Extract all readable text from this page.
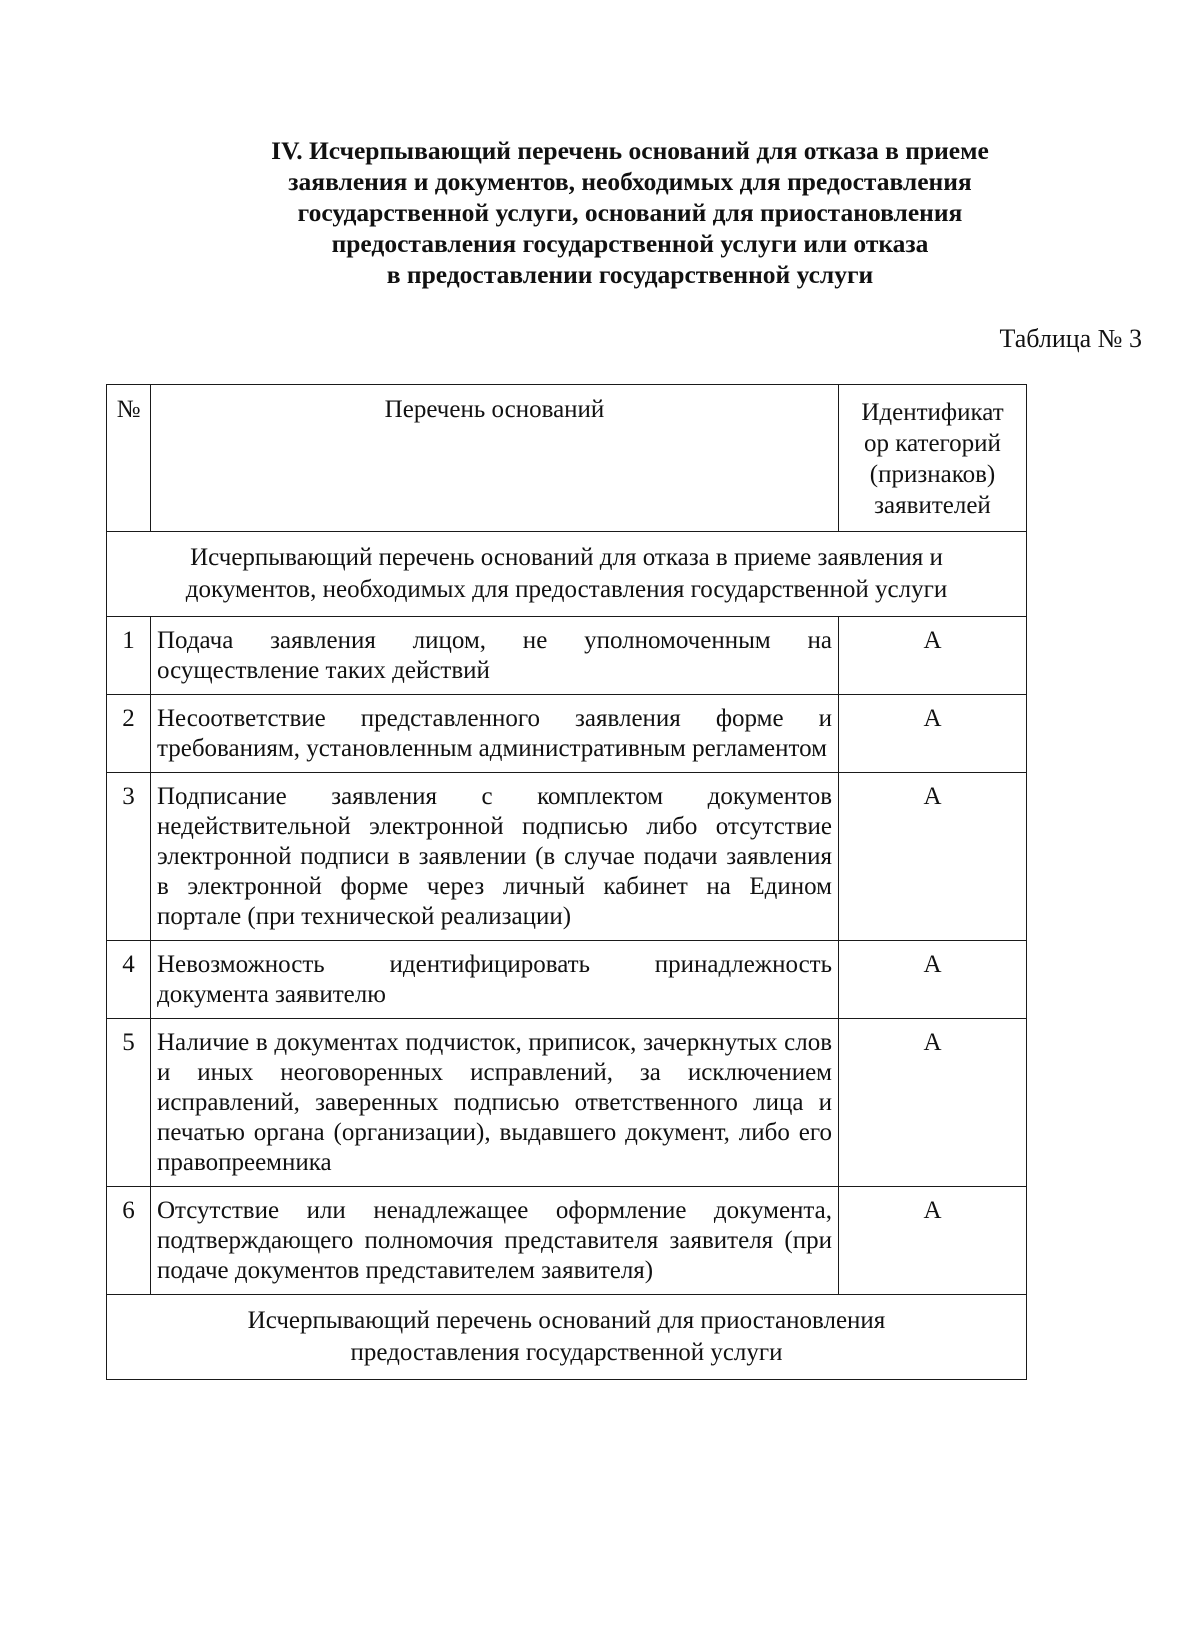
IV. Исчерпывающий перечень оснований для отказа в приеме
заявления и документов, необходимых для предоставления
государственной услуги, оснований для приостановления
предоставления государственной услуги или отказа
в предоставлении государственной услуги
Таблица № 3
№	Перечень оснований	Идентификат
ор категорий
(признаков)
заявителей

Исчерпывающий перечень оснований для отказа в приеме заявления и
документов, необходимых для предоставления государственной услуги		

1	Подача заявления лицом, не уполномоченным на осуществление таких действий	А
2	Несоответствие представленного заявления форме и требованиям, установленным административным регламентом	А
3	Подписание заявления с комплектом документов недействительной электронной подписью либо отсутствие электронной подписи в заявлении (в случае подачи заявления в электронной форме через личный кабинет на Едином портале (при технической реализации)	А
4	Невозможность идентифицировать принадлежность документа заявителю	А
5	Наличие в документах подчисток, приписок, зачеркнутых слов и иных неоговоренных исправлений, за исключением исправлений, заверенных подписью ответственного лица и печатью органа (организации), выдавшего документ, либо его правопреемника	А
6	Отсутствие или ненадлежащее оформление документа, подтверждающего полномочия представителя заявителя (при подаче документов представителем заявителя)	А

Исчерпывающий перечень оснований для приостановления
предоставления государственной услуги		
